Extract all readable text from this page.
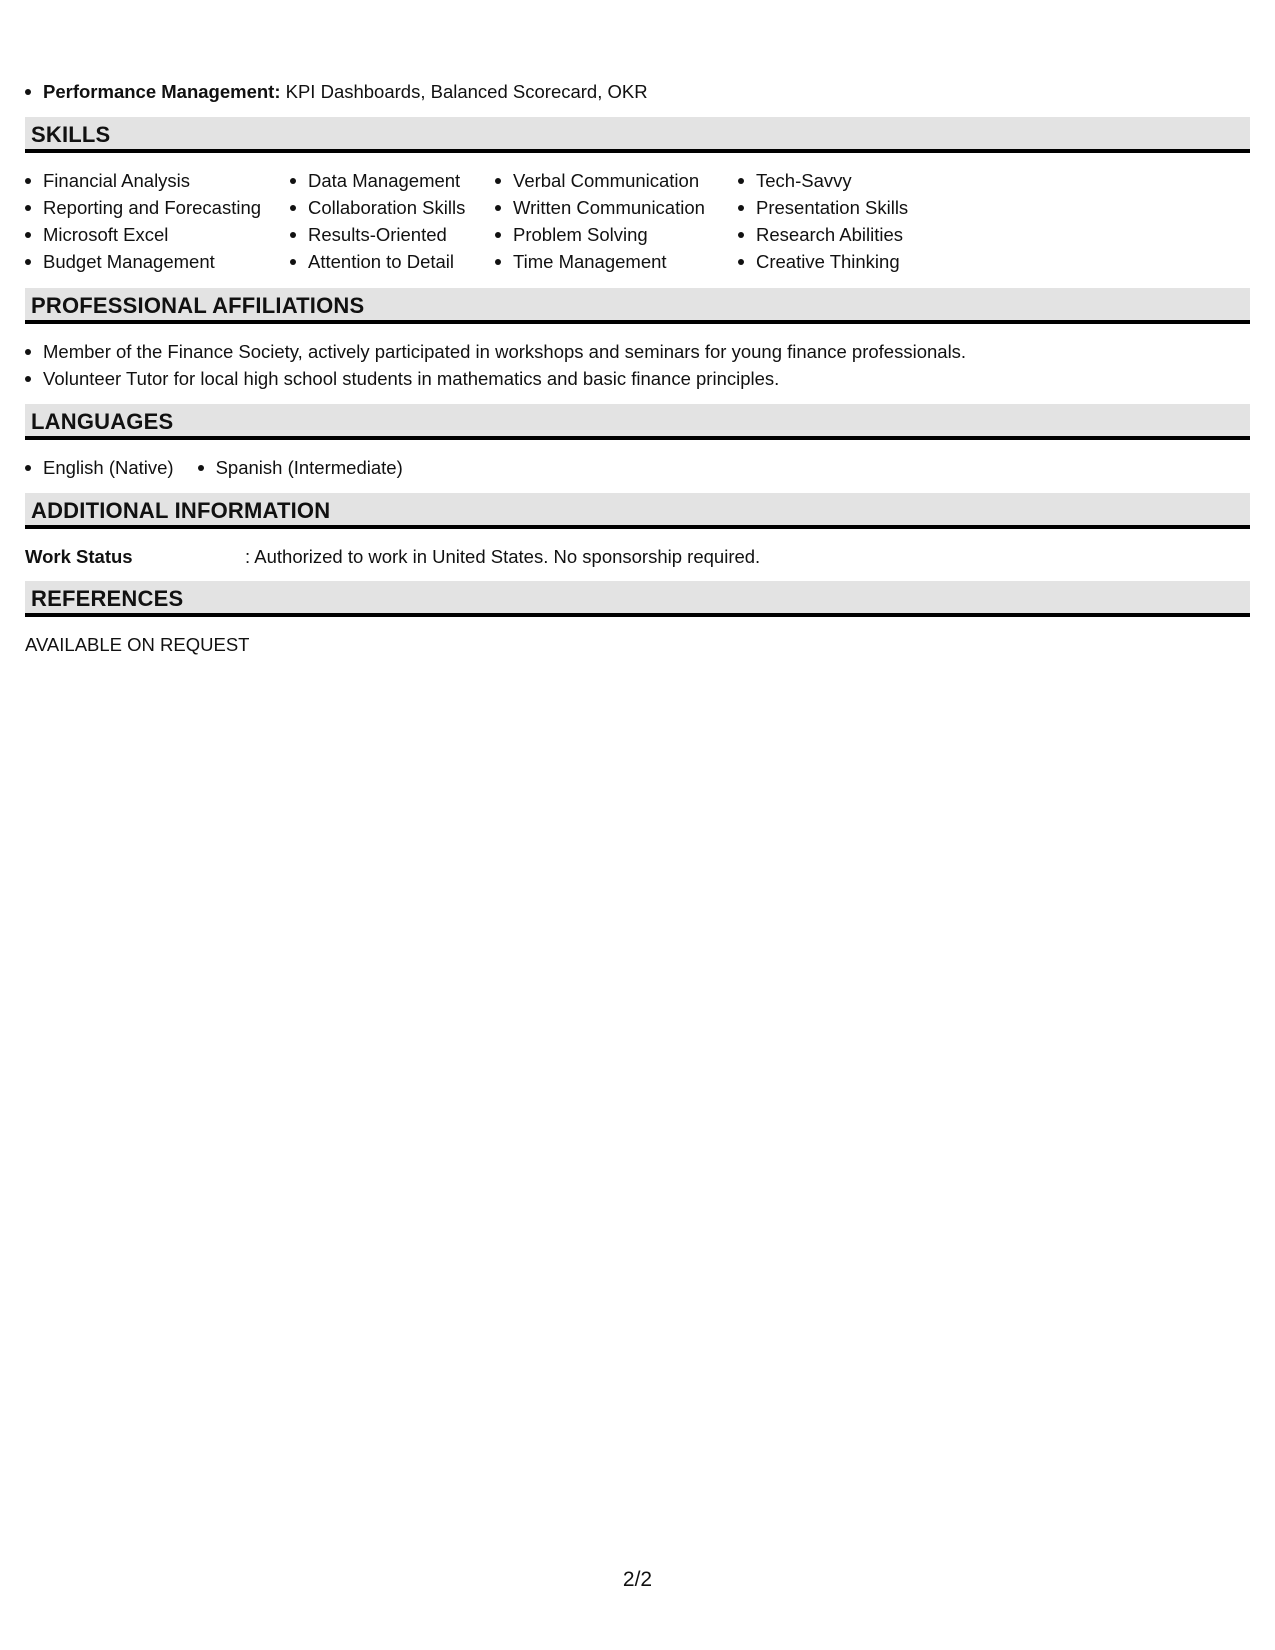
Performance Management: KPI Dashboards, Balanced Scorecard, OKR
SKILLS
Financial Analysis
Reporting and Forecasting
Microsoft Excel
Budget Management
Data Management
Collaboration Skills
Results-Oriented
Attention to Detail
Verbal Communication
Written Communication
Problem Solving
Time Management
Tech-Savvy
Presentation Skills
Research Abilities
Creative Thinking
PROFESSIONAL AFFILIATIONS
Member of the Finance Society, actively participated in workshops and seminars for young finance professionals.
Volunteer Tutor for local high school students in mathematics and basic finance principles.
LANGUAGES
English (Native)	Spanish (Intermediate)
ADDITIONAL INFORMATION
Work Status	: Authorized to work in United States. No sponsorship required.
REFERENCES
AVAILABLE ON REQUEST
2/2
